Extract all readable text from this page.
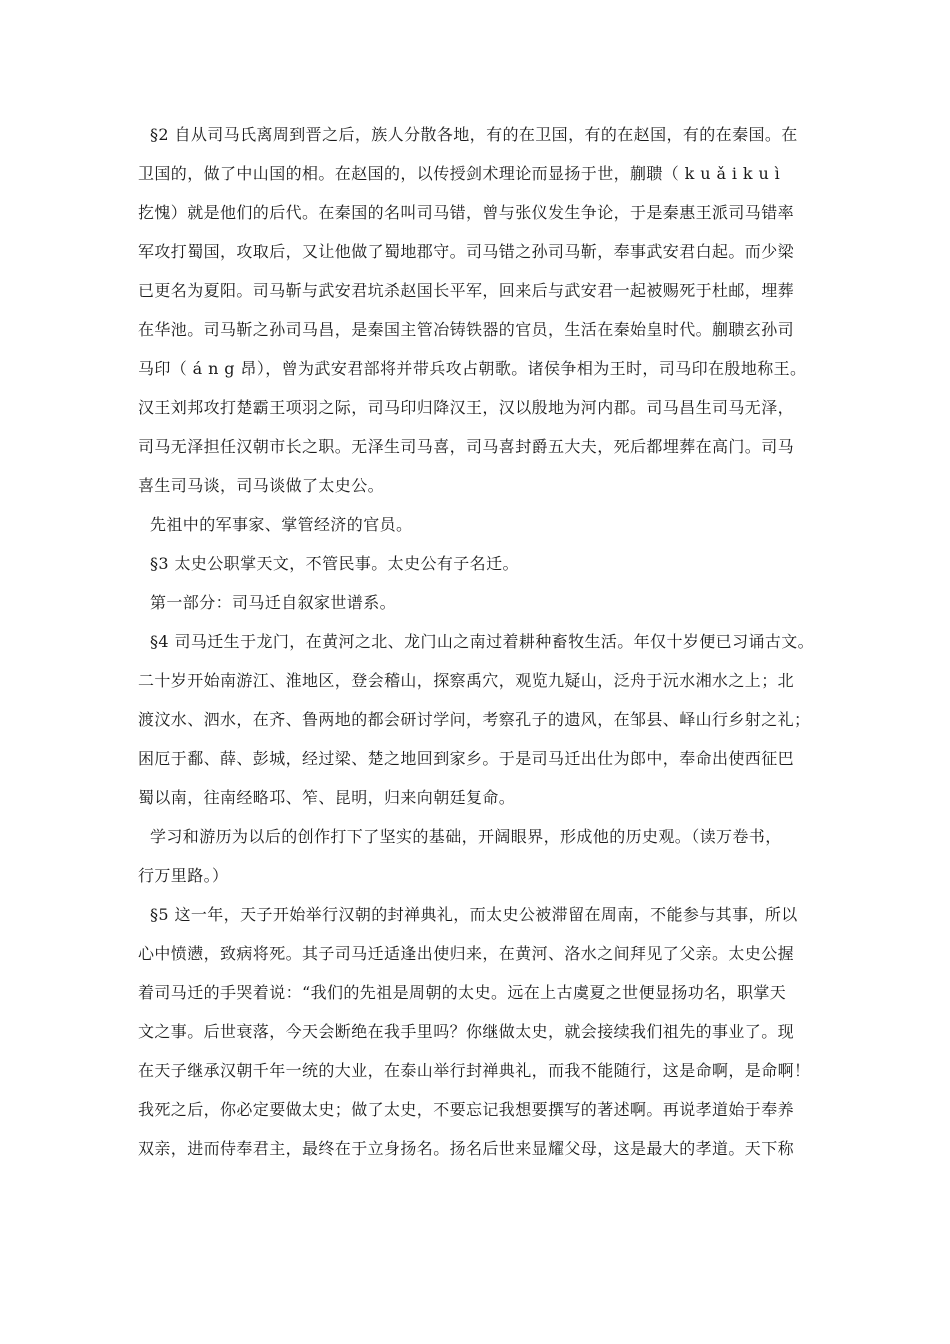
§2 自从司马氏离周到晋之后，族人分散各地，有的在卫国，有的在赵国，有的在秦国。在
卫国的，做了中山国的相。在赵国的，以传授剑术理论而显扬于世，蒯聩（ k u ǎ i k u ì
扢愧）就是他们的后代。在秦国的名叫司马错，曾与张仪发生争论，于是秦惠王派司马错率
军攻打蜀国，攻取后，又让他做了蜀地郡守。司马错之孙司马靳，奉事武安君白起。而少梁
已更名为夏阳。司马靳与武安君坑杀赵国长平军，回来后与武安君一起被赐死于杜邮，埋葬
在华池。司马靳之孙司马昌，是秦国主管冶铸铁器的官员，生活在秦始皇时代。蒯聩玄孙司
马印（ á n g 昂），曾为武安君部将并带兵攻占朝歌。诸侯争相为王时，司马印在殷地称王。
汉王刘邦攻打楚霸王项羽之际，司马印归降汉王，汉以殷地为河内郡。司马昌生司马无泽，
司马无泽担任汉朝市长之职。无泽生司马喜，司马喜封爵五大夫，死后都埋葬在高门。司马
喜生司马谈，司马谈做了太史公。
先祖中的军事家、掌管经济的官员。
§3 太史公职掌天文，不管民事。太史公有子名迁。
第一部分：司马迁自叙家世谱系。
§4 司马迁生于龙门，在黄河之北、龙门山之南过着耕种畜牧生活。年仅十岁便已习诵古文。
二十岁开始南游江、淮地区，登会稽山，探察禹穴，观览九疑山，泛舟于沅水湘水之上；北
渡汶水、泗水，在齐、鲁两地的都会研讨学问，考察孔子的遗风，在邹县、峄山行乡射之礼；
困厄于鄱、薛、彭城，经过梁、楚之地回到家乡。于是司马迁出仕为郎中，奉命出使西征巴
蜀以南，往南经略邛、笮、昆明，归来向朝廷复命。
学习和游历为以后的创作打下了坚实的基础，开阔眼界，形成他的历史观。（读万卷书，
行万里路。）
§5 这一年，天子开始举行汉朝的封禅典礼，而太史公被滞留在周南，不能参与其事，所以
心中愤懑，致病将死。其子司马迁适逢出使归来，在黄河、洛水之间拜见了父亲。太史公握
着司马迁的手哭着说：“我们的先祖是周朝的太史。远在上古虞夏之世便显扬功名，职掌天
文之事。后世衰落，今天会断绝在我手里吗？你继做太史，就会接续我们祖先的事业了。现
在天子继承汉朝千年一统的大业，在泰山举行封禅典礼，而我不能随行，这是命啊，是命啊！
我死之后，你必定要做太史；做了太史，不要忘记我想要撰写的著述啊。再说孝道始于奉养
双亲，进而侍奉君主，最终在于立身扬名。扬名后世来显耀父母，这是最大的孝道。天下称
